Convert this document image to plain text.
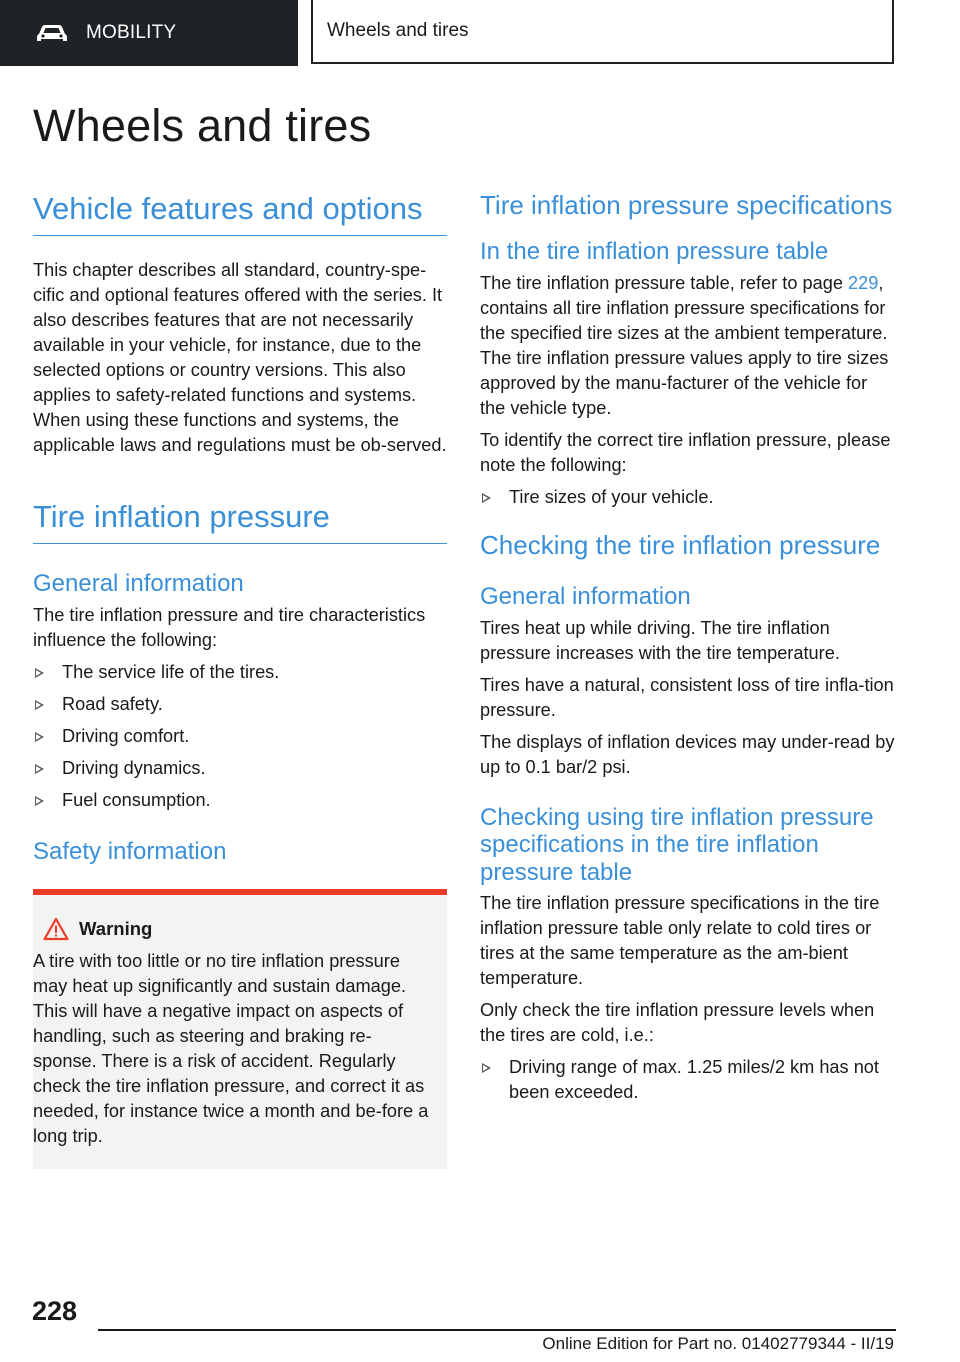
MOBILITY	Wheels and tires
Wheels and tires
Vehicle features and options

This chapter describes all standard, country-spe-cific and optional features offered with the series. It also describes features that are not necessarily available in your vehicle, for instance, due to the selected options or country versions. This also applies to safety-related functions and systems. When using these functions and systems, the applicable laws and regulations must be ob-served.

Tire inflation pressure
General information

The tire inflation pressure and tire characteristics influence the following:

The service life of the tires.
Road safety.
Driving comfort.
Driving dynamics.
Fuel consumption.
Safety information
Warning

A tire with too little or no tire inflation pressure may heat up significantly and sustain damage. This will have a negative impact on aspects of handling, such as steering and braking re-sponse. There is a risk of accident. Regularly check the tire inflation pressure, and correct it as needed, for instance twice a month and be-fore a long trip.

Tire inflation pressure specifications
In the tire inflation pressure table

The tire inflation pressure table, refer to page 229, contains all tire inflation pressure specifications for the specified tire sizes at the ambient temperature. The tire inflation pressure values apply to tire sizes approved by the manu-facturer of the vehicle for the vehicle type.

To identify the correct tire inflation pressure, please note the following:

Tire sizes of your vehicle.
Checking the tire inflation pressure
General information

Tires heat up while driving. The tire inflation pressure increases with the tire temperature.

Tires have a natural, consistent loss of tire infla-tion pressure.

The displays of inflation devices may under-read by up to 0.1 bar/2 psi.

Checking using tire inflation pressure specifications in the tire inflation pressure table

The tire inflation pressure specifications in the tire inflation pressure table only relate to cold tires or tires at the same temperature as the am-bient temperature.

Only check the tire inflation pressure levels when the tires are cold, i.e.:

Driving range of max. 1.25 miles/2 km has not been exceeded.
228
Online Edition for Part no. 01402779344 - II/19
